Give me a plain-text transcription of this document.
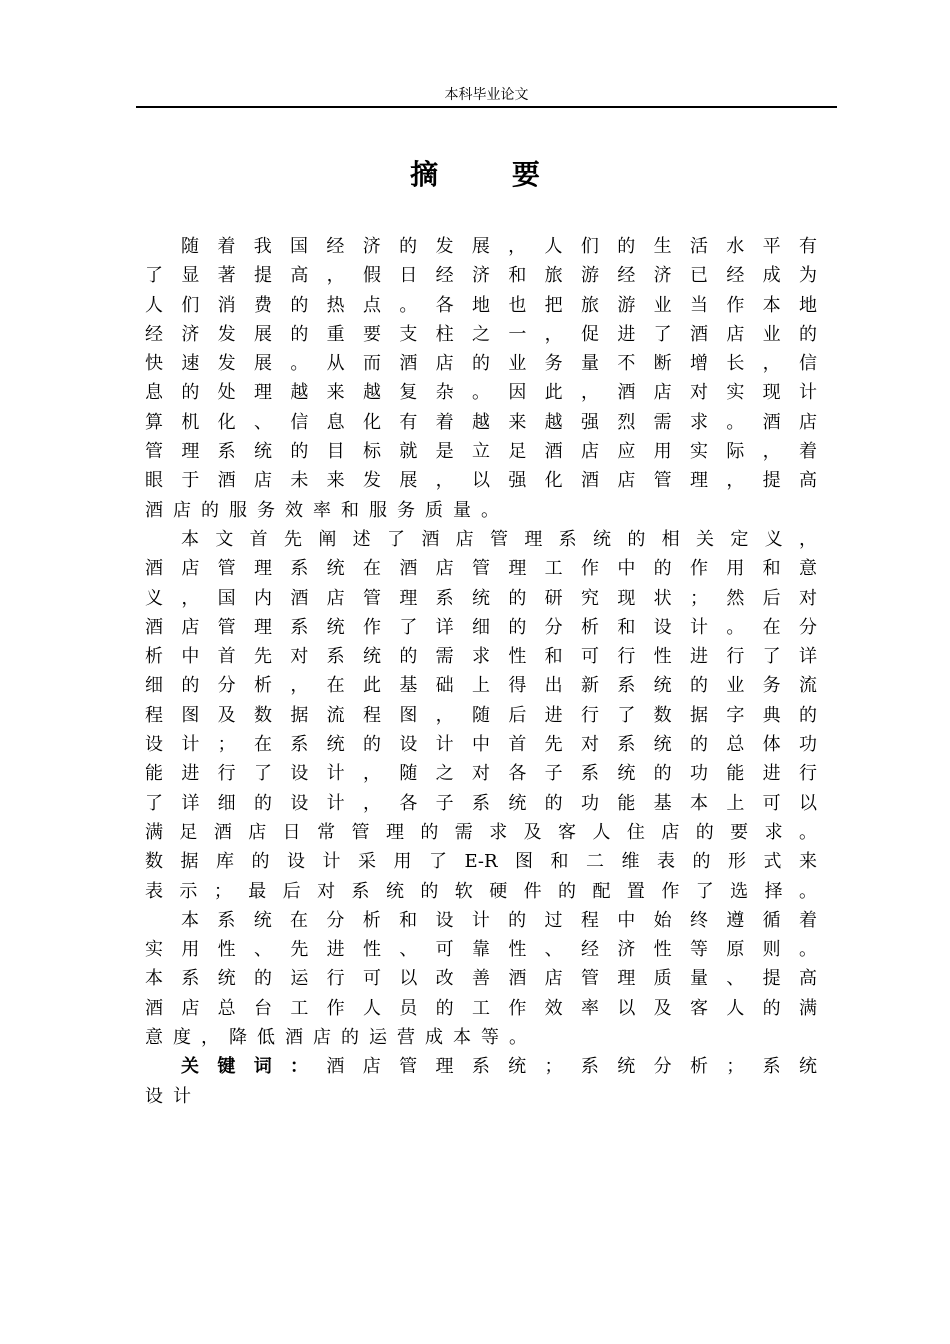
本科毕业论文
摘 要
随着我国经济的发展，人们的生活水平有
了显著提高，假日经济和旅游经济已经成为
人们消费的热点。各地也把旅游业当作本地
经济发展的重要支柱之一，促进了酒店业的
快速发展。从而酒店的业务量不断增长，信
息的处理越来越复杂。因此，酒店对实现计
算机化、信息化有着越来越强烈需求。酒店
管理系统的目标就是立足酒店应用实际，着
眼于酒店未来发展，以强化酒店管理，提高
酒店的服务效率和服务质量。
本文首先阐述了酒店管理系统的相关定义，
酒店管理系统在酒店管理工作中的作用和意
义，国内酒店管理系统的研究现状；然后对
酒店管理系统作了详细的分析和设计。在分
析中首先对系统的需求性和可行性进行了详
细的分析，在此基础上得出新系统的业务流
程图及数据流程图，随后进行了数据字典的
设计；在系统的设计中首先对系统的总体功
能进行了设计，随之对各子系统的功能进行
了详细的设计，各子系统的功能基本上可以
满足酒店日常管理的需求及客人住店的要求。
数据库的设计采用了E-R图和二维表的形式来
表示；最后对系统的软硬件的配置作了选择。
本系统在分析和设计的过程中始终遵循着
实用性、先进性、可靠性、经济性等原则。
本系统的运行可以改善酒店管理质量、提高
酒店总台工作人员的工作效率以及客人的满
意度，降低酒店的运营成本等。
关键词：酒店管理系统；系统分析；系统
设计
